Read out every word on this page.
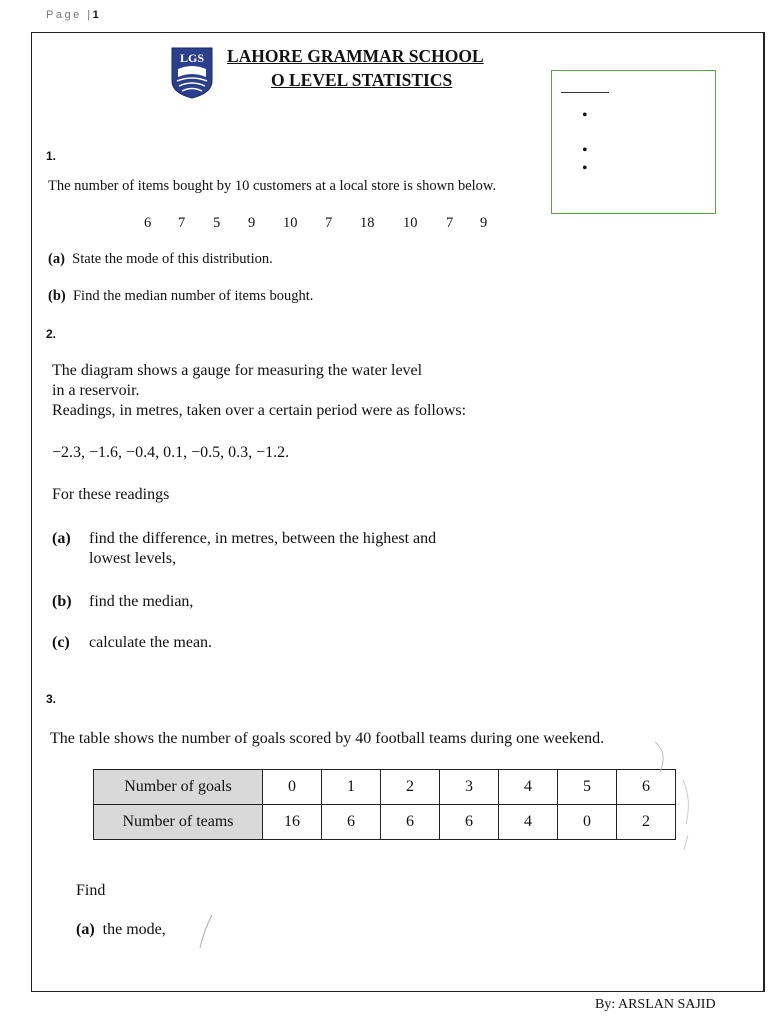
Page |1
LGS LAHORE GRAMMAR SCHOOL
O LEVEL STATISTICS
•
•
•
1.
The number of items bought by 10 customers at a local store is shown below.
6 7 5 9 10 7 18 10 7 9
(a) State the mode of this distribution.
(b) Find the median number of items bought.
2.
The diagram shows a gauge for measuring the water level
in a reservoir.
Readings, in metres, taken over a certain period were as follows:
−2.3, −1.6, −0.4, 0.1, −0.5, 0.3, −1.2.
For these readings
(a) find the difference, in metres, between the highest and
lowest levels,
(b) find the median,
(c) calculate the mean.
3.
The table shows the number of goals scored by 40 football teams during one weekend.
Number of goals	0	1	2	3	4	5	6
Number of teams	16	6	6	6	4	0	2
Find
(a) the mode,
By: ARSLAN SAJID
